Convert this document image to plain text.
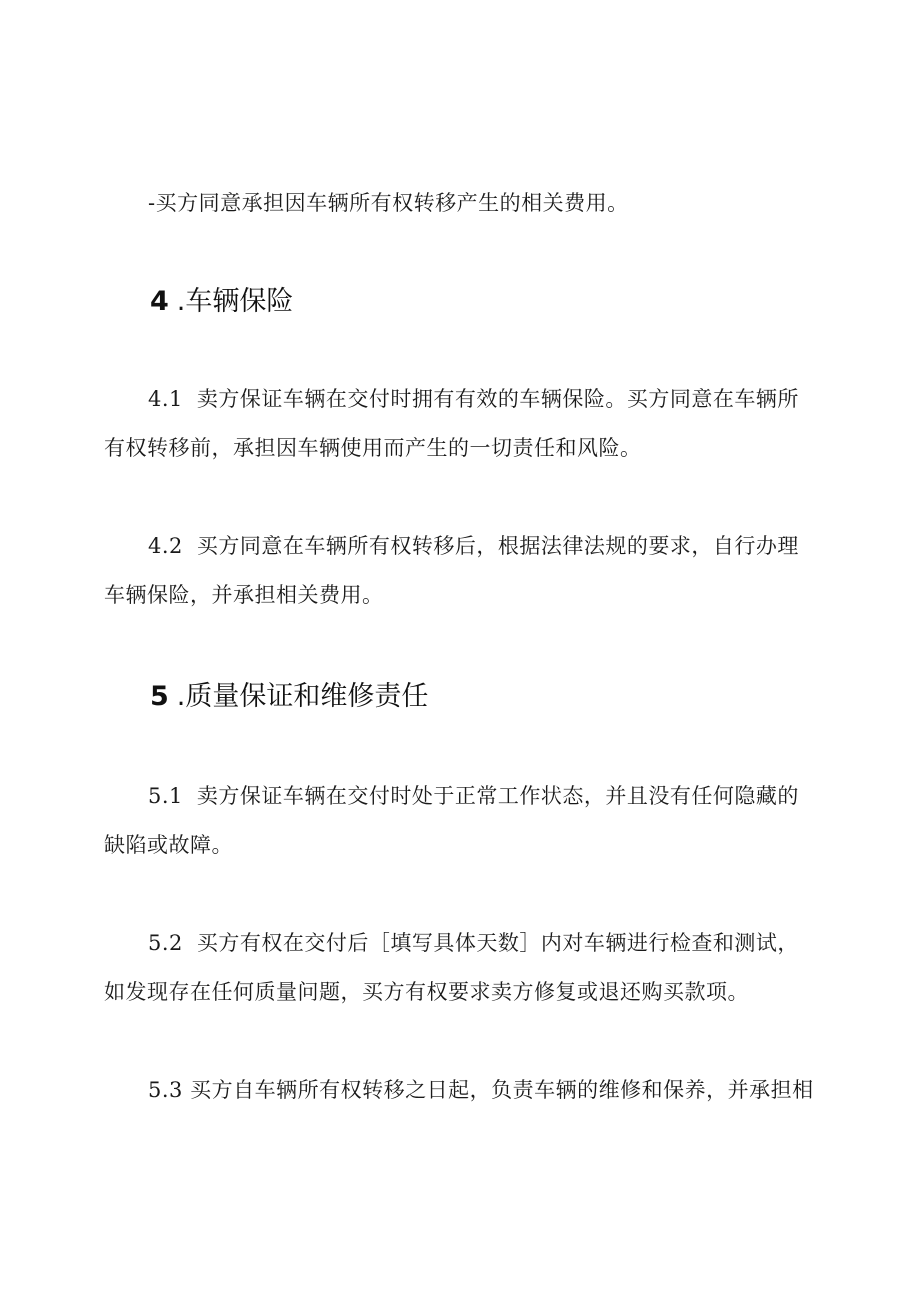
-买方同意承担因车辆所有权转移产生的相关费用。
4 .车辆保险
4.1 卖方保证车辆在交付时拥有有效的车辆保险。买方同意在车辆所
有权转移前，承担因车辆使用而产生的一切责任和风险。
4.2 买方同意在车辆所有权转移后，根据法律法规的要求，自行办理
车辆保险，并承担相关费用。
5 .质量保证和维修责任
5.1 卖方保证车辆在交付时处于正常工作状态，并且没有任何隐藏的
缺陷或故障。
5.2 买方有权在交付后［填写具体天数］内对车辆进行检查和测试，
如发现存在任何质量问题，买方有权要求卖方修复或退还购买款项。
5.3 买方自车辆所有权转移之日起，负责车辆的维修和保养，并承担相
